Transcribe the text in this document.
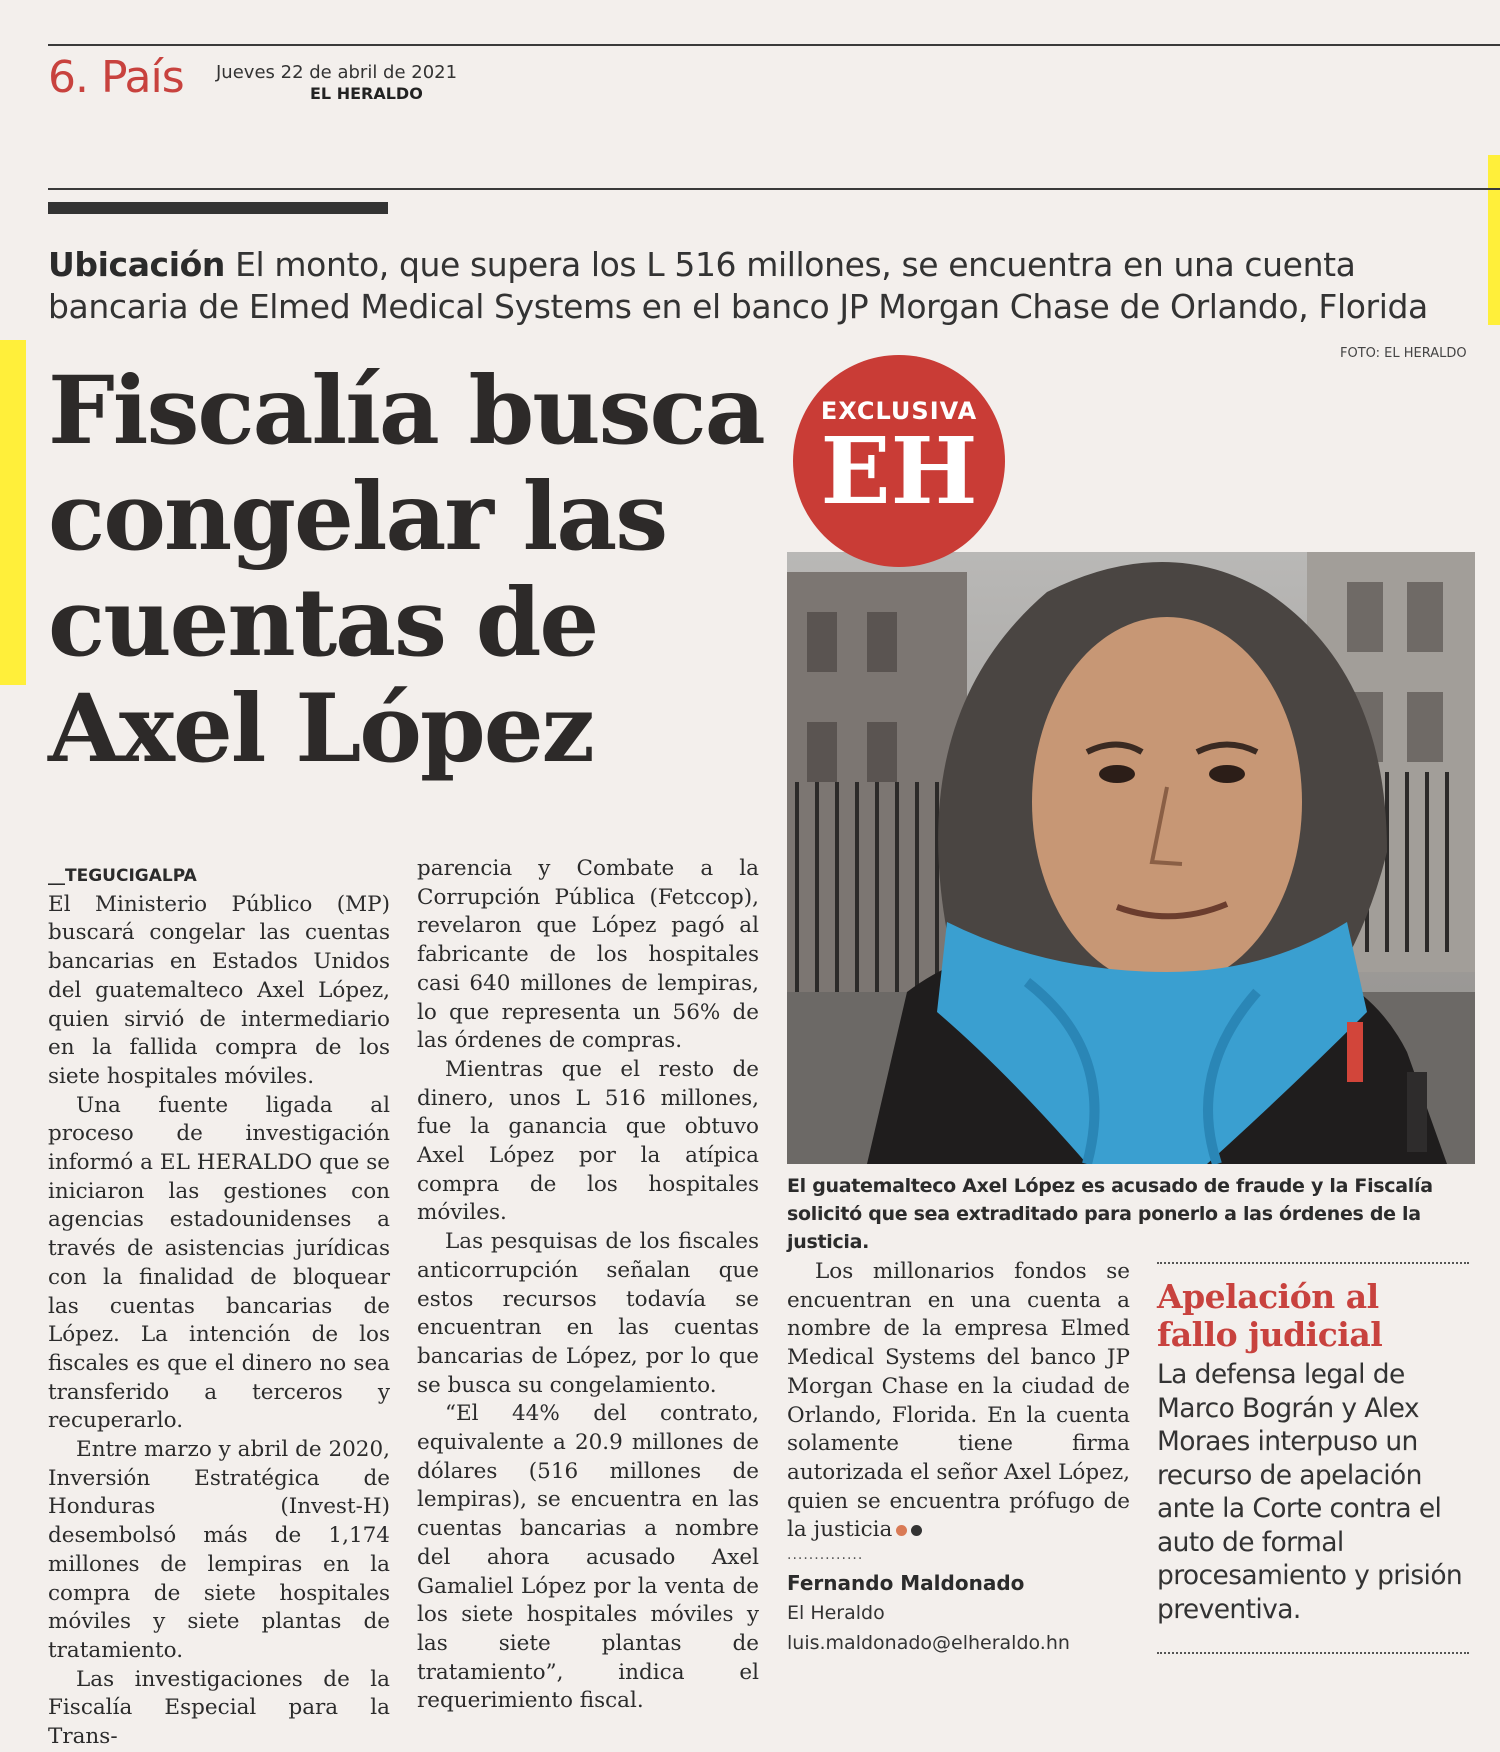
6. País Jueves 22 de abril de 2021
EL HERALDO
Ubicación El monto, que supera los L 516 millones, se encuentra en una cuenta bancaria de Elmed Medical Systems en el banco JP Morgan Chase de Orlando, Florida
FOTO: EL HERALDO
Fiscalía busca congelar las cuentas de Axel López
EXCLUSIVA
EH
El guatemalteco Axel López es acusado de fraude y la Fiscalía solicitó que sea extraditado para ponerlo a las órdenes de la justicia.
__TEGUCIGALPA

El Ministerio Público (MP) buscará congelar las cuentas bancarias en Estados Unidos del guatemalteco Axel López, quien sirvió de intermediario en la fallida compra de los siete hospitales móviles.

Una fuente ligada al proceso de investigación informó a EL HERALDO que se iniciaron las gestiones con agencias estadounidenses a través de asistencias jurídicas con la finalidad de bloquear las cuentas bancarias de López. La intención de los fiscales es que el dinero no sea transferido a terceros y recuperarlo.

Entre marzo y abril de 2020, Inversión Estratégica de Honduras (Invest-H) desembolsó más de 1,174 millones de lempiras en la compra de siete hospitales móviles y siete plantas de tratamiento.

Las investigaciones de la Fiscalía Especial para la Trans-

parencia y Combate a la Corrupción Pública (Fetccop), revelaron que López pagó al fabricante de los hospitales casi 640 millones de lempiras, lo que representa un 56% de las órdenes de compras.

Mientras que el resto de dinero, unos L 516 millones, fue la ganancia que obtuvo Axel López por la atípica compra de los hospitales móviles.

Las pesquisas de los fiscales anticorrupción señalan que estos recursos todavía se encuentran en las cuentas bancarias de López, por lo que se busca su congelamiento.

“El 44% del contrato, equivalente a 20.9 millones de dólares (516 millones de lempiras), se encuentra en las cuentas bancarias a nombre del ahora acusado Axel Gamaliel López por la venta de los siete hospitales móviles y las siete plantas de tratamiento”, indica el requerimiento fiscal.

Los millonarios fondos se encuentran en una cuenta a nombre de la empresa Elmed Medical Systems del banco JP Morgan Chase en la ciudad de Orlando, Florida. En la cuenta solamente tiene firma autorizada el señor Axel López, quien se encuentra prófugo de la justicia

..............
Fernando Maldonado
El Heraldo
luis.maldonado@elheraldo.hn
Apelación al fallo judicial
La defensa legal de Marco Bográn y Alex Moraes interpuso un recurso de apelación ante la Corte contra el auto de formal procesamiento y prisión preventiva.
